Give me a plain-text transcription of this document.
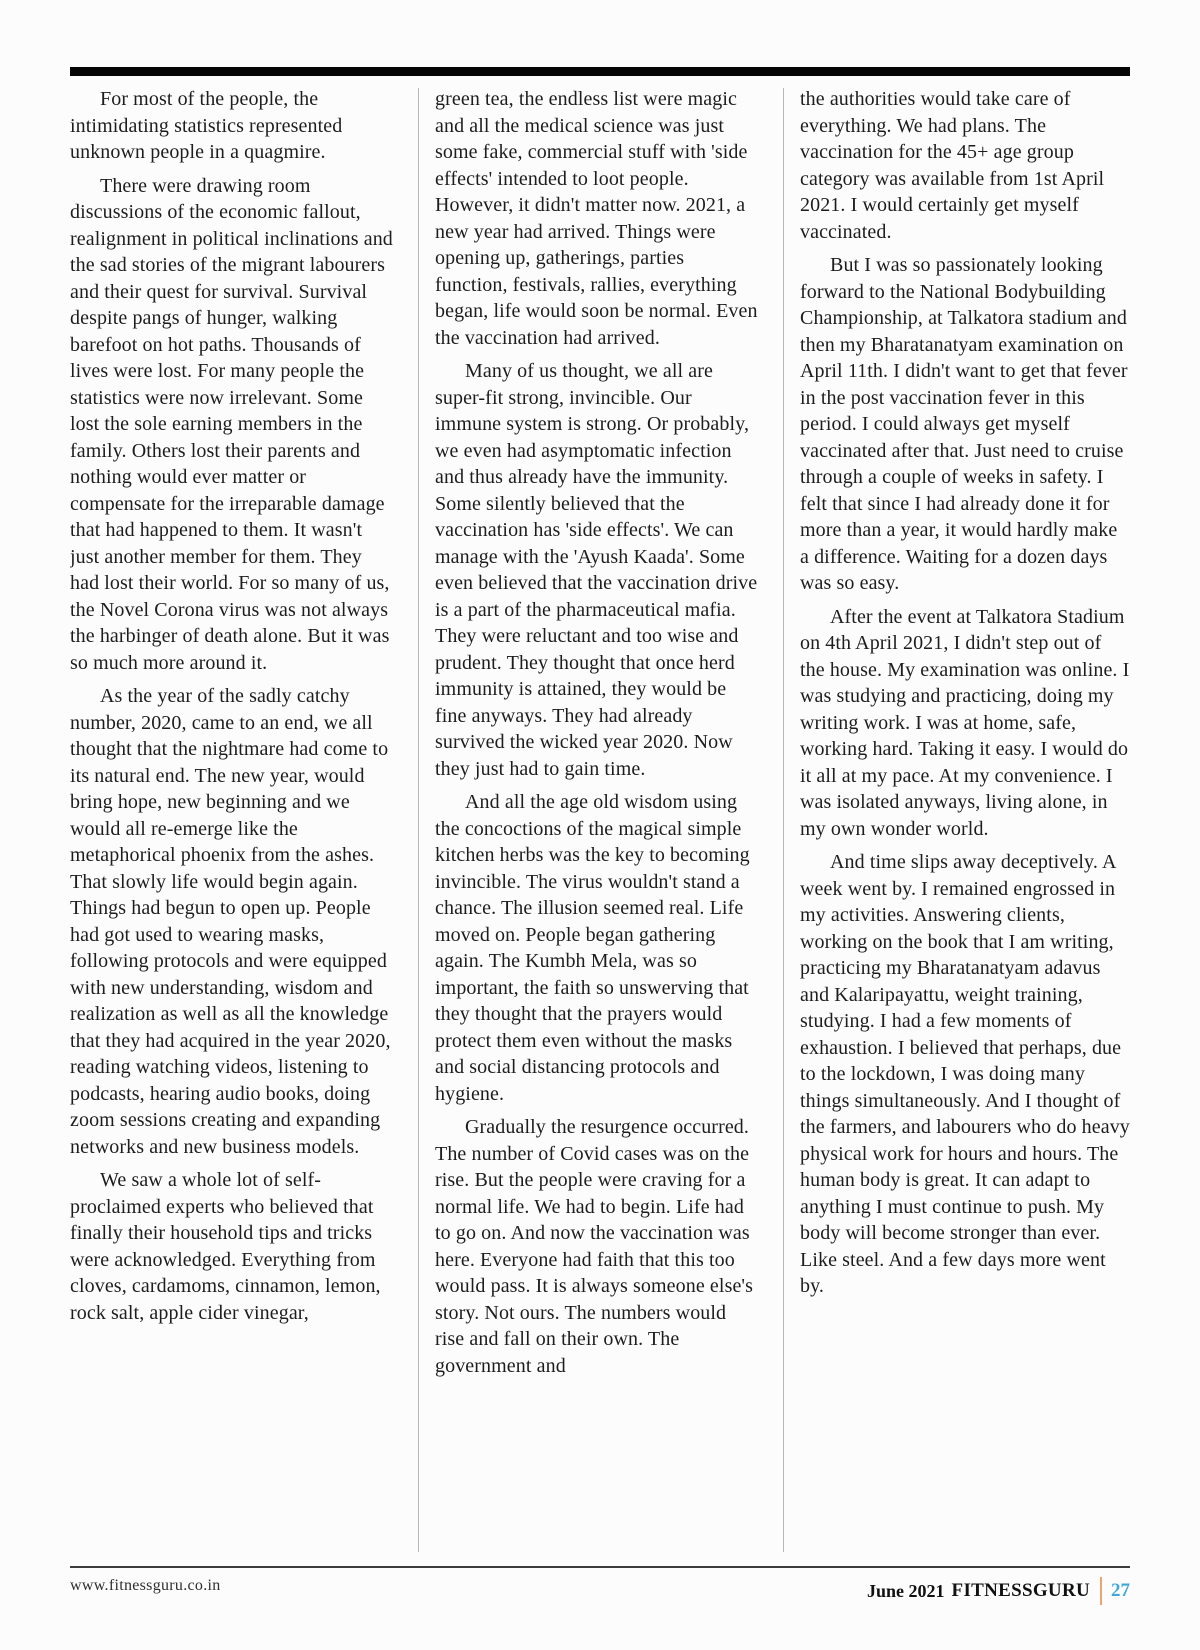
For most of the people, the intimidating statistics represented unknown people in a quagmire.

There were drawing room discussions of the economic fallout, realignment in political inclinations and the sad stories of the migrant labourers and their quest for survival. Survival despite pangs of hunger, walking barefoot on hot paths. Thousands of lives were lost. For many people the statistics were now irrelevant. Some lost the sole earning members in the family. Others lost their parents and nothing would ever matter or compensate for the irreparable damage that had happened to them. It wasn't just another member for them. They had lost their world. For so many of us, the Novel Corona virus was not always the harbinger of death alone. But it was so much more around it.

As the year of the sadly catchy number, 2020, came to an end, we all thought that the nightmare had come to its natural end. The new year, would bring hope, new beginning and we would all re-emerge like the metaphorical phoenix from the ashes. That slowly life would begin again. Things had begun to open up. People had got used to wearing masks, following protocols and were equipped with new understanding, wisdom and realization as well as all the knowledge that they had acquired in the year 2020, reading watching videos, listening to podcasts, hearing audio books, doing zoom sessions creating and expanding networks and new business models.

We saw a whole lot of self-proclaimed experts who believed that finally their household tips and tricks were acknowledged. Everything from cloves, cardamoms, cinnamon, lemon, rock salt, apple cider vinegar,

green tea, the endless list were magic and all the medical science was just some fake, commercial stuff with 'side effects' intended to loot people. However, it didn't matter now. 2021, a new year had arrived. Things were opening up, gatherings, parties function, festivals, rallies, everything began, life would soon be normal. Even the vaccination had arrived.

Many of us thought, we all are super-fit strong, invincible. Our immune system is strong. Or probably, we even had asymptomatic infection and thus already have the immunity. Some silently believed that the vaccination has 'side effects'. We can manage with the 'Ayush Kaada'. Some even believed that the vaccination drive is a part of the pharmaceutical mafia. They were reluctant and too wise and prudent. They thought that once herd immunity is attained, they would be fine anyways. They had already survived the wicked year 2020. Now they just had to gain time.

And all the age old wisdom using the concoctions of the magical simple kitchen herbs was the key to becoming invincible. The virus wouldn't stand a chance. The illusion seemed real. Life moved on. People began gathering again. The Kumbh Mela, was so important, the faith so unswerving that they thought that the prayers would protect them even without the masks and social distancing protocols and hygiene.

Gradually the resurgence occurred. The number of Covid cases was on the rise. But the people were craving for a normal life. We had to begin. Life had to go on. And now the vaccination was here. Everyone had faith that this too would pass. It is always someone else's story. Not ours. The numbers would rise and fall on their own. The government and

the authorities would take care of everything. We had plans. The vaccination for the 45+ age group category was available from 1st April 2021. I would certainly get myself vaccinated.

But I was so passionately looking forward to the National Bodybuilding Championship, at Talkatora stadium and then my Bharatanatyam examination on April 11th. I didn't want to get that fever in the post vaccination fever in this period. I could always get myself vaccinated after that. Just need to cruise through a couple of weeks in safety. I felt that since I had already done it for more than a year, it would hardly make a difference. Waiting for a dozen days was so easy.

After the event at Talkatora Stadium on 4th April 2021, I didn't step out of the house. My examination was online. I was studying and practicing, doing my writing work. I was at home, safe, working hard. Taking it easy. I would do it all at my pace. At my convenience. I was isolated anyways, living alone, in my own wonder world.

And time slips away deceptively. A week went by. I remained engrossed in my activities. Answering clients, working on the book that I am writing, practicing my Bharatanatyam adavus and Kalaripayattu, weight training, studying. I had a few moments of exhaustion. I believed that perhaps, due to the lockdown, I was doing many things simultaneously. And I thought of the farmers, and labourers who do heavy physical work for hours and hours. The human body is great. It can adapt to anything I must continue to push. My body will become stronger than ever. Like steel. And a few days more went by.

www.fitnessguru.co.in	June 2021 FITNESSGURU 27
